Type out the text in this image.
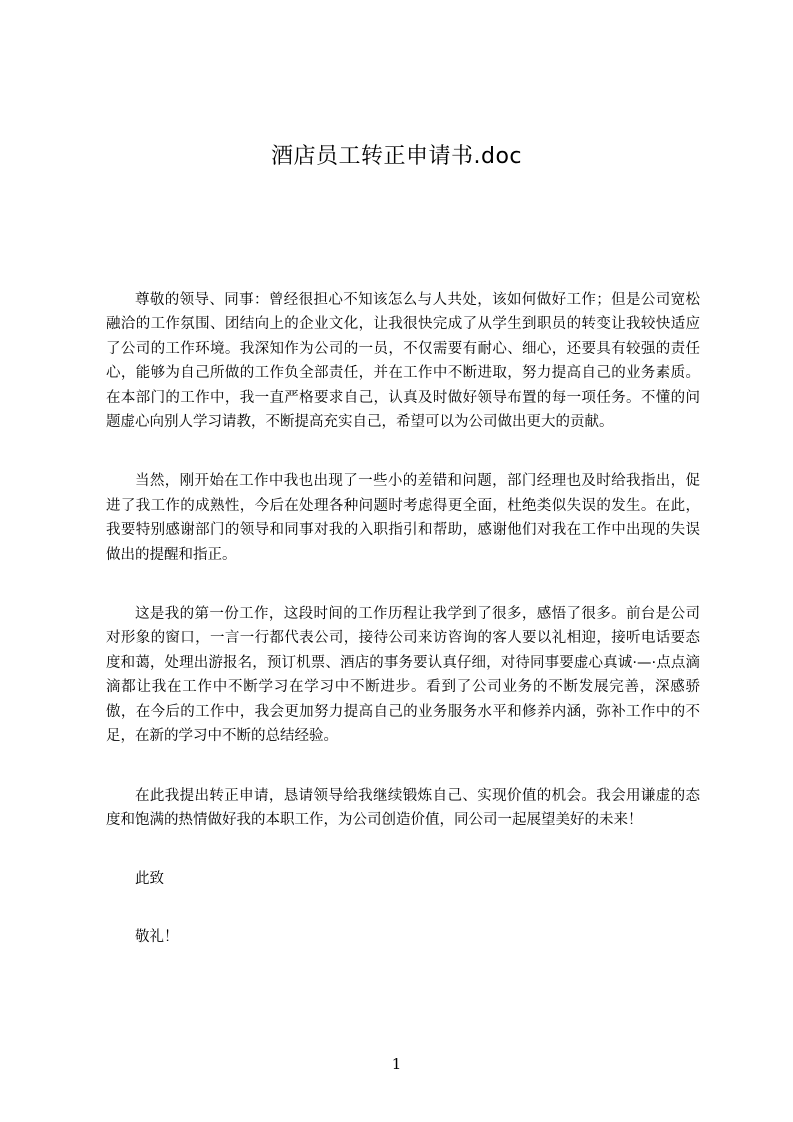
酒店员工转正申请书.doc

尊敬的领导、同事：曾经很担心不知该怎么与人共处，该如何做好工作；但是公司宽松融洽的工作氛围、团结向上的企业文化，让我很快完成了从学生到职员的转变让我较快适应了公司的工作环境。我深知作为公司的一员，不仅需要有耐心、细心，还要具有较强的责任心，能够为自己所做的工作负全部责任，并在工作中不断进取，努力提高自己的业务素质。在本部门的工作中，我一直严格要求自己，认真及时做好领导布置的每一项任务。不懂的问题虚心向别人学习请教，不断提高充实自己，希望可以为公司做出更大的贡献。

当然，刚开始在工作中我也出现了一些小的差错和问题，部门经理也及时给我指出，促进了我工作的成熟性，今后在处理各种问题时考虑得更全面，杜绝类似失误的发生。在此，我要特别感谢部门的领导和同事对我的入职指引和帮助，感谢他们对我在工作中出现的失误做出的提醒和指正。

这是我的第一份工作，这段时间的工作历程让我学到了很多，感悟了很多。前台是公司对形象的窗口，一言一行都代表公司，接待公司来访咨询的客人要以礼相迎，接听电话要态度和蔼，处理出游报名，预订机票、酒店的事务要认真仔细，对待同事要虚心真诚·—·点点滴滴都让我在工作中不断学习在学习中不断进步。看到了公司业务的不断发展完善，深感骄傲，在今后的工作中，我会更加努力提高自己的业务服务水平和修养内涵，弥补工作中的不足，在新的学习中不断的总结经验。

在此我提出转正申请，恳请领导给我继续锻炼自己、实现价值的机会。我会用谦虚的态度和饱满的热情做好我的本职工作，为公司创造价值，同公司一起展望美好的未来！

此致

敬礼！

1
